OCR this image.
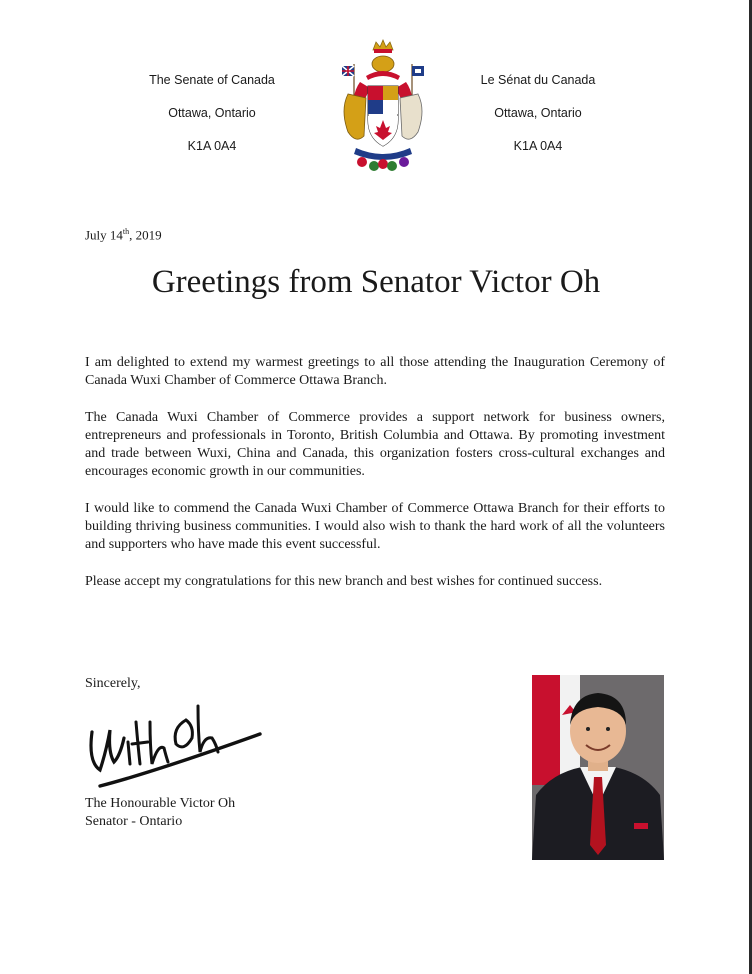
The Senate of Canada
Ottawa, Ontario
K1A 0A4
Le Sénat du Canada
Ottawa, Ontario
K1A 0A4
July 14th, 2019
Greetings from Senator Victor Oh

I am delighted to extend my warmest greetings to all those attending the Inauguration Ceremony of Canada Wuxi Chamber of Commerce Ottawa Branch.

The Canada Wuxi Chamber of Commerce provides a support network for business owners, entrepreneurs and professionals in Toronto, British Columbia and Ottawa. By promoting investment and trade between Wuxi, China and Canada, this organization fosters cross-cultural exchanges and encourages economic growth in our communities.

I would like to commend the Canada Wuxi Chamber of Commerce Ottawa Branch for their efforts to building thriving business communities. I would also wish to thank the hard work of all the volunteers and supporters who have made this event successful.

Please accept my congratulations for this new branch and best wishes for continued success.

Sincerely,
The Honourable Victor Oh
Senator - Ontario
